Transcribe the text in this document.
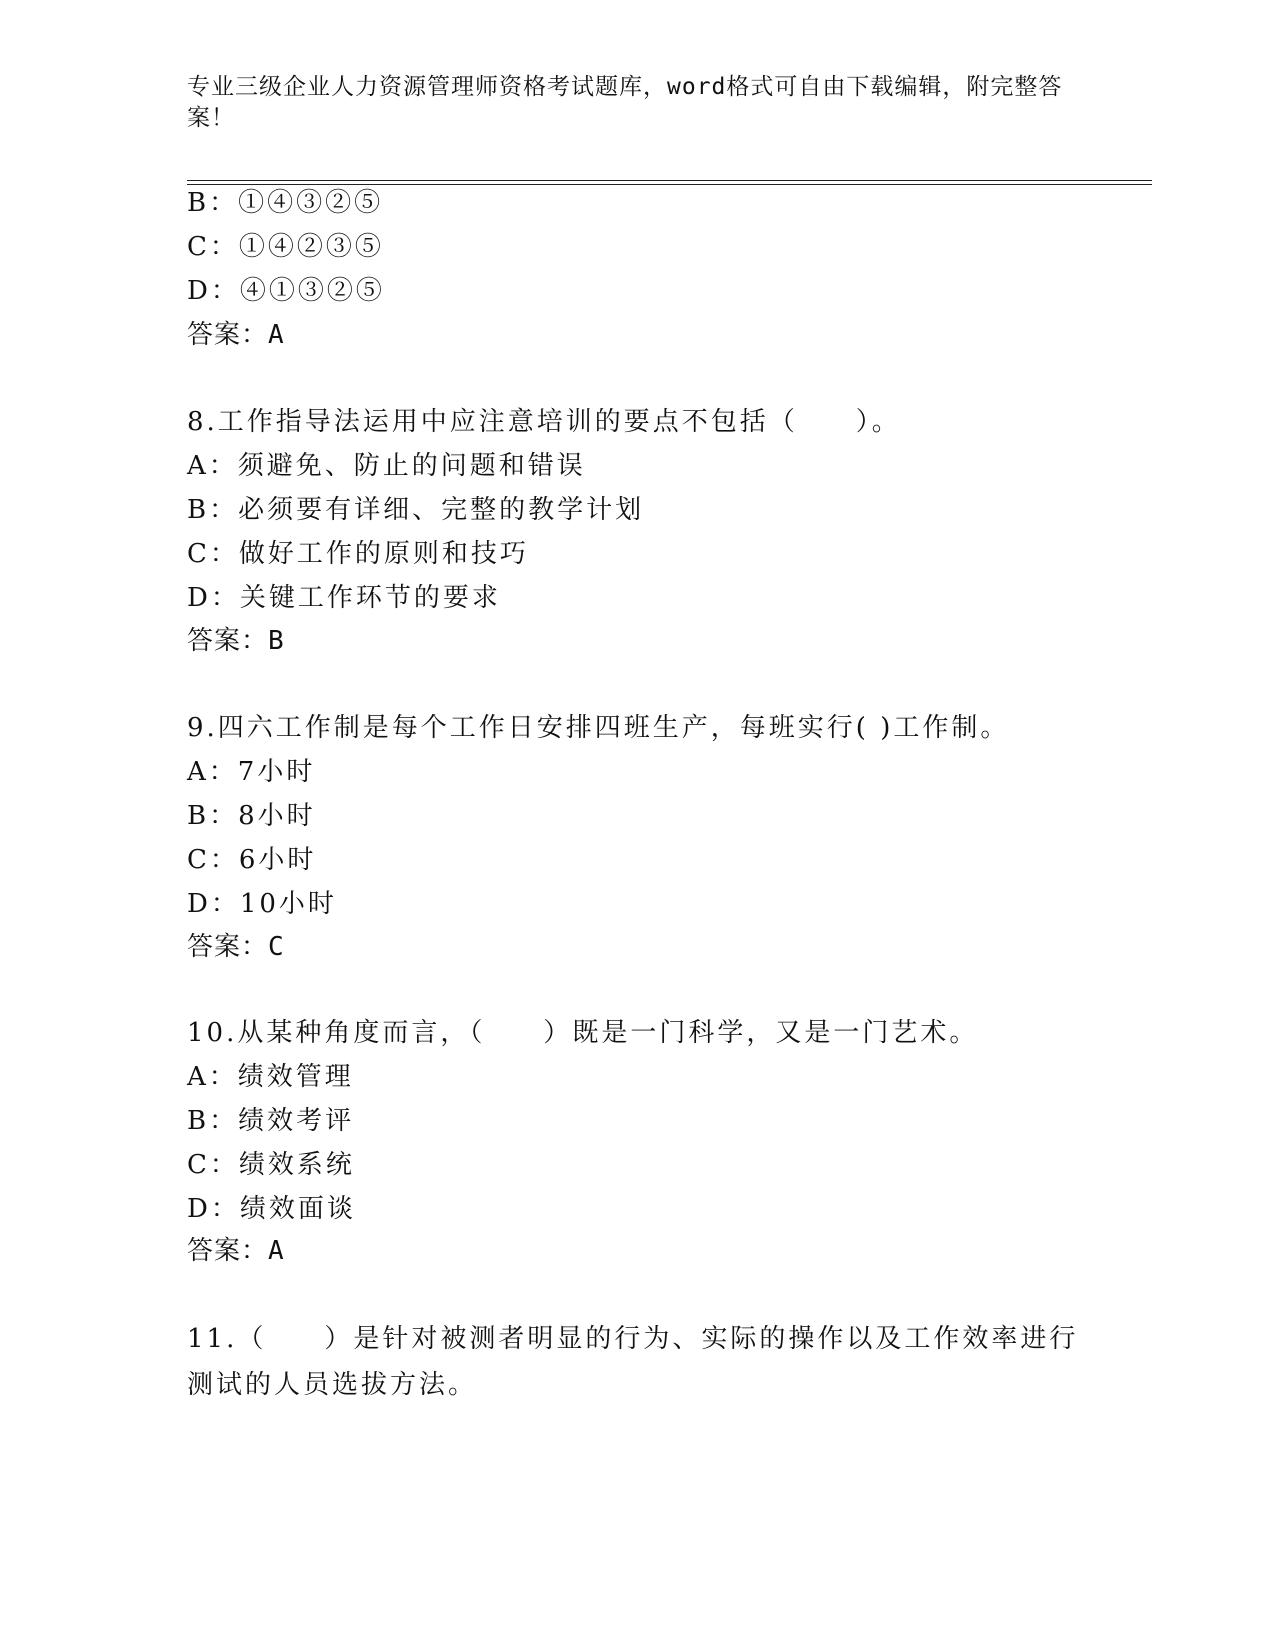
专业三级企业人力资源管理师资格考试题库，word格式可自由下载编辑，附完整答案！
B：①④③②⑤
C：①④②③⑤
D：④①③②⑤
答案：A
8.工作指导法运用中应注意培训的要点不包括（　　）。
A：须避免、防止的问题和错误
B：必须要有详细、完整的教学计划
C：做好工作的原则和技巧
D：关键工作环节的要求
答案：B
9.四六工作制是每个工作日安排四班生产，每班实行( )工作制。
A：7小时
B：8小时
C：6小时
D：10小时
答案：C
10.从某种角度而言，（　　）既是一门科学，又是一门艺术。
A：绩效管理
B：绩效考评
C：绩效系统
D：绩效面谈
答案：A
11.（　　）是针对被测者明显的行为、实际的操作以及工作效率进行测试的人员选拔方法。
